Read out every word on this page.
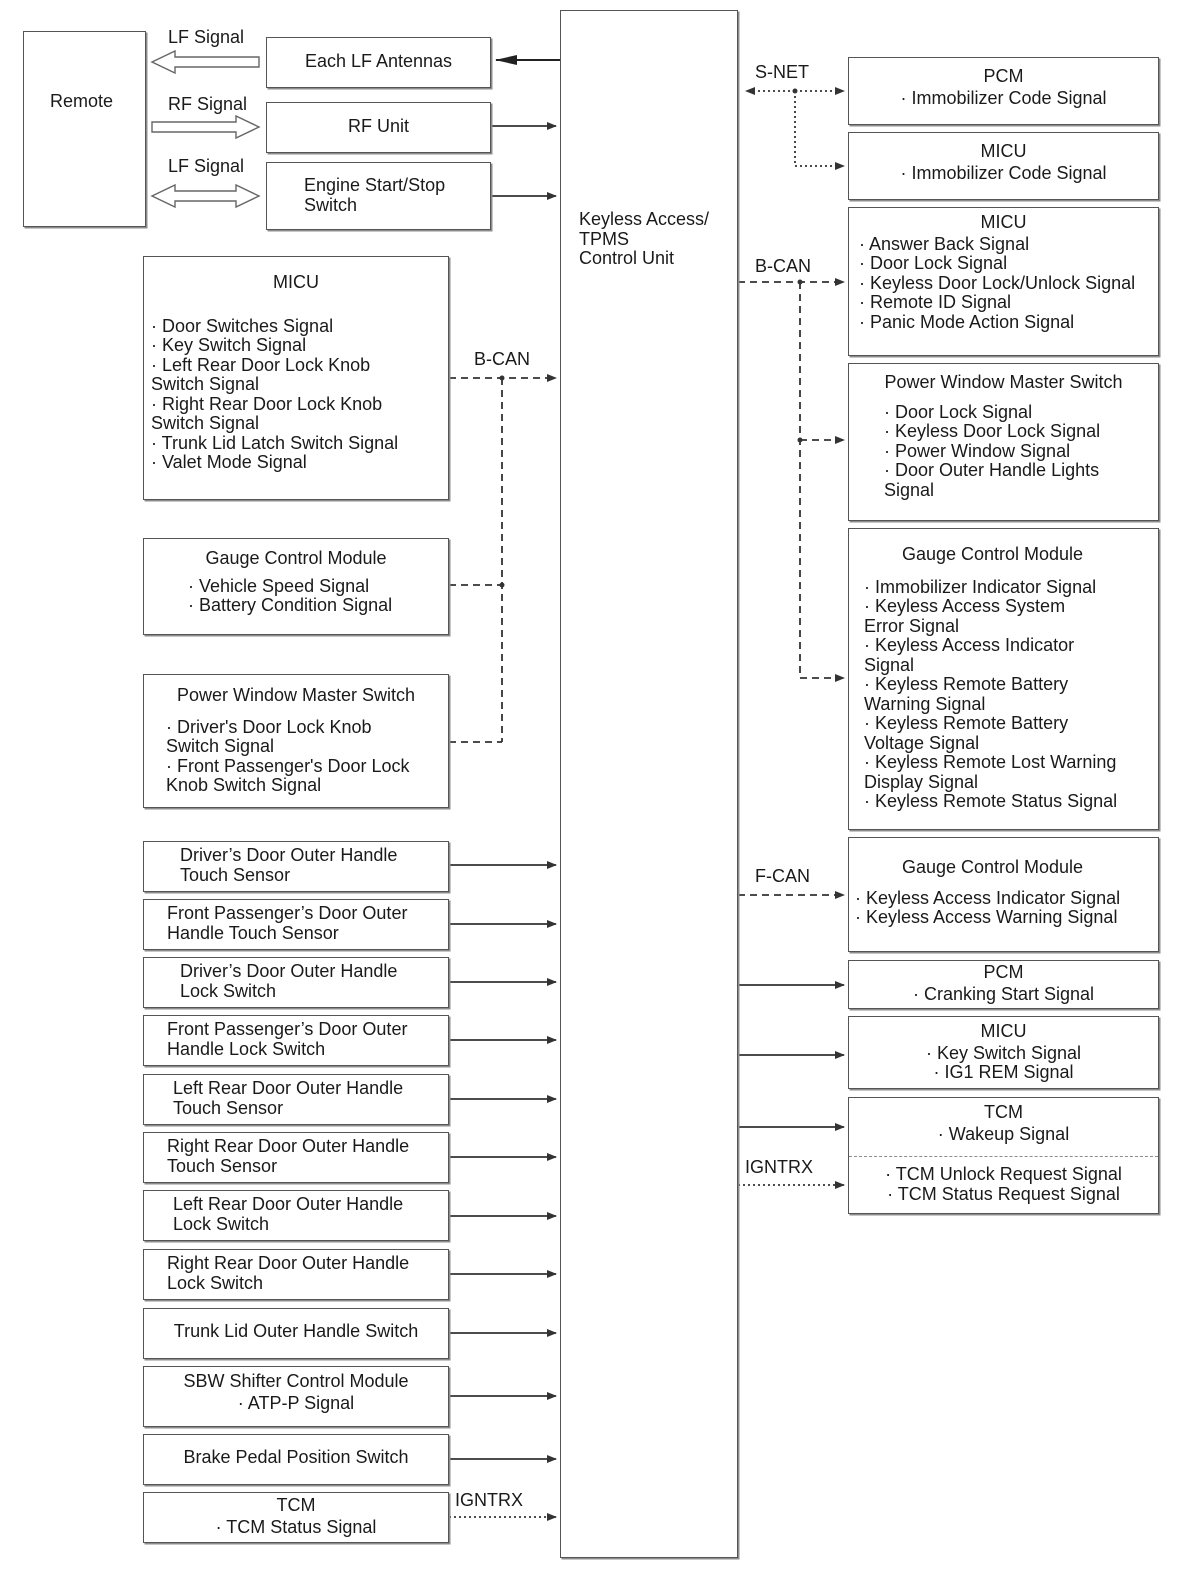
Remote
LF Signal
RF Signal
LF Signal
Each LF Antennas
RF Unit
Engine Start/Stop
Switch
Keyless Access/
TPMS
Control Unit
B-CAN
MICU
· Door Switches Signal
· Key Switch Signal
· Left Rear Door Lock Knob
Switch Signal
· Right Rear Door Lock Knob
Switch Signal
· Trunk Lid Latch Switch Signal
· Valet Mode Signal
Gauge Control Module
· Vehicle Speed Signal
· Battery Condition Signal
Power Window Master Switch
· Driver's Door Lock Knob
Switch Signal
· Front Passenger's Door Lock
Knob Switch Signal
Driver’s Door Outer Handle
Touch Sensor
Front Passenger’s Door Outer
Handle Touch Sensor
Driver’s Door Outer Handle
Lock Switch
Front Passenger’s Door Outer
Handle Lock Switch
Left Rear Door Outer Handle
Touch Sensor
Right Rear Door Outer Handle
Touch Sensor
Left Rear Door Outer Handle
Lock Switch
Right Rear Door Outer Handle
Lock Switch
Trunk Lid Outer Handle Switch
SBW Shifter Control Module
· ATP-P Signal
Brake Pedal Position Switch
IGNTRX
TCM
· TCM Status Signal
S-NET	PCM
· Immobilizer Code Signal
MICU
· Immobilizer Code Signal
B-CAN
MICU
· Answer Back Signal
· Door Lock Signal
· Keyless Door Lock/Unlock Signal
· Remote ID Signal
· Panic Mode Action Signal
Power Window Master Switch
· Door Lock Signal
· Keyless Door Lock Signal
· Power Window Signal
· Door Outer Handle Lights
Signal
Gauge Control Module
· Immobilizer Indicator Signal
· Keyless Access System
Error Signal
· Keyless Access Indicator
Signal
· Keyless Remote Battery
Warning Signal
· Keyless Remote Battery
Voltage Signal
· Keyless Remote Lost Warning
Display Signal
· Keyless Remote Status Signal
F-CAN	Gauge Control Module
· Keyless Access Indicator Signal
· Keyless Access Warning Signal
PCM
· Cranking Start Signal
MICU
· Key Switch Signal
· IG1 REM Signal
IGNTRX
TCM
· Wakeup Signal
· TCM Unlock Request Signal
· TCM Status Request Signal
